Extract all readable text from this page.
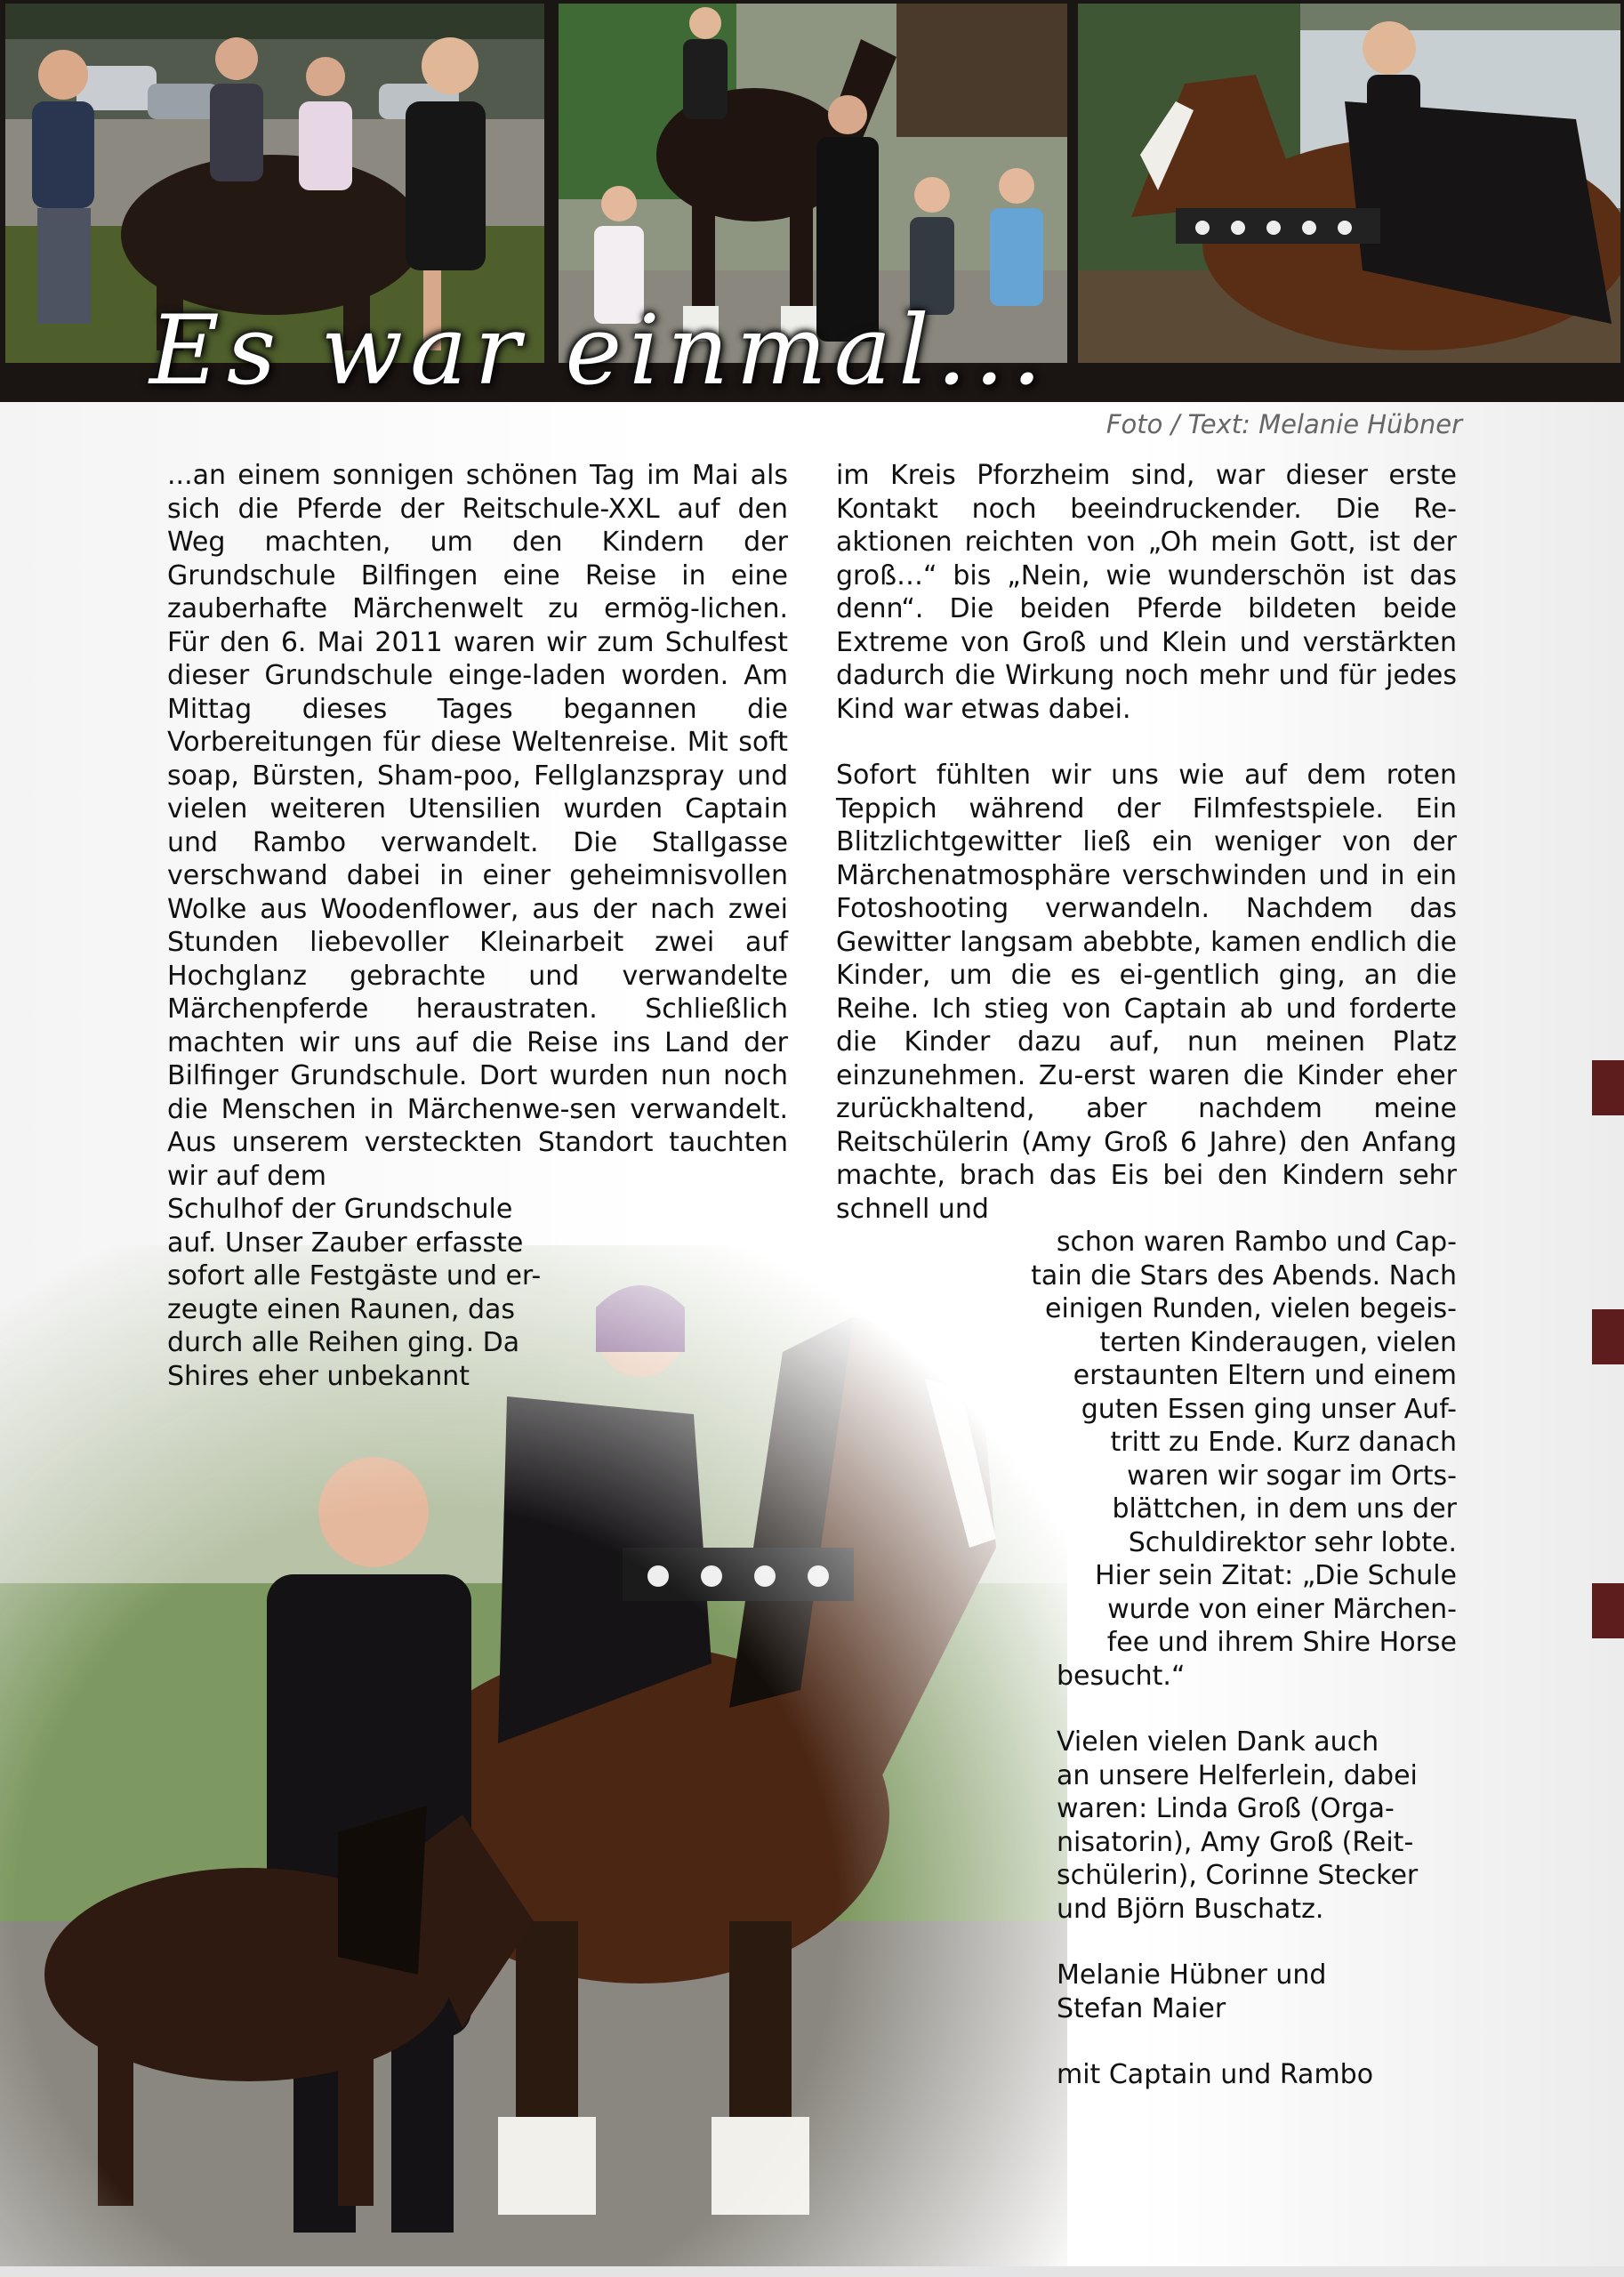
Es war einmal...
Foto / Text: Melanie Hübner

...an einem sonnigen schönen Tag im Mai als sich die Pferde der Reitschule-XXL auf den Weg machten, um den Kindern der Grundschule Bilfingen eine Reise in eine zauberhafte Märchenwelt zu ermög-lichen. Für den 6. Mai 2011 waren wir zum Schulfest dieser Grundschule einge-laden worden. Am Mittag dieses Tages begannen die Vorbereitungen für diese Weltenreise. Mit soft soap, Bürsten, Sham-poo, Fellglanzspray und vielen weiteren Utensilien wurden Captain und Rambo verwandelt. Die Stallgasse verschwand dabei in einer geheimnisvollen Wolke aus Woodenflower, aus der nach zwei Stunden liebevoller Kleinarbeit zwei auf Hochglanz gebrachte und verwandelte Märchenpferde heraustraten. Schließlich machten wir uns auf die Reise ins Land der Bilfinger Grundschule. Dort wurden nun noch die Menschen in Märchenwe-sen verwandelt. Aus unserem versteckten Standort tauchten wir auf dem

Schulhof der Grundschule
auf. Unser Zauber erfasste
sofort alle Festgäste und er-
zeugte einen Raunen, das
durch alle Reihen ging. Da
Shires eher unbekannt

im Kreis Pforzheim sind, war dieser erste Kontakt noch beeindruckender. Die Re-aktionen reichten von „Oh mein Gott, ist der groß…“ bis „Nein, wie wunderschön ist das denn“. Die beiden Pferde bildeten beide Extreme von Groß und Klein und verstärkten dadurch die Wirkung noch mehr und für jedes Kind war etwas dabei.

Sofort fühlten wir uns wie auf dem roten Teppich während der Filmfestspiele. Ein Blitzlichtgewitter ließ ein weniger von der Märchenatmosphäre verschwinden und in ein Fotoshooting verwandeln. Nachdem das Gewitter langsam abebbte, kamen endlich die Kinder, um die es ei-gentlich ging, an die Reihe. Ich stieg von Captain ab und forderte die Kinder dazu auf, nun meinen Platz einzunehmen. Zu-erst waren die Kinder eher zurückhaltend, aber nachdem meine Reitschülerin (Amy Groß 6 Jahre) den Anfang machte, brach das Eis bei den Kindern sehr schnell und

schon waren Rambo und Cap-
tain die Stars des Abends. Nach
einigen Runden, vielen begeis-
terten Kinderaugen, vielen
erstaunten Eltern und einem
guten Essen ging unser Auf-
tritt zu Ende. Kurz danach
waren wir sogar im Orts-
blättchen, in dem uns der
Schuldirektor sehr lobte.
Hier sein Zitat: „Die Schule
wurde von einer Märchen-
fee und ihrem Shire Horse
besucht.“
Vielen vielen Dank auch
an unsere Helferlein, dabei
waren: Linda Groß (Orga-
nisatorin), Amy Groß (Reit-
schülerin), Corinne Stecker
und Björn Buschatz.
Melanie Hübner und
Stefan Maier
mit Captain und Rambo
